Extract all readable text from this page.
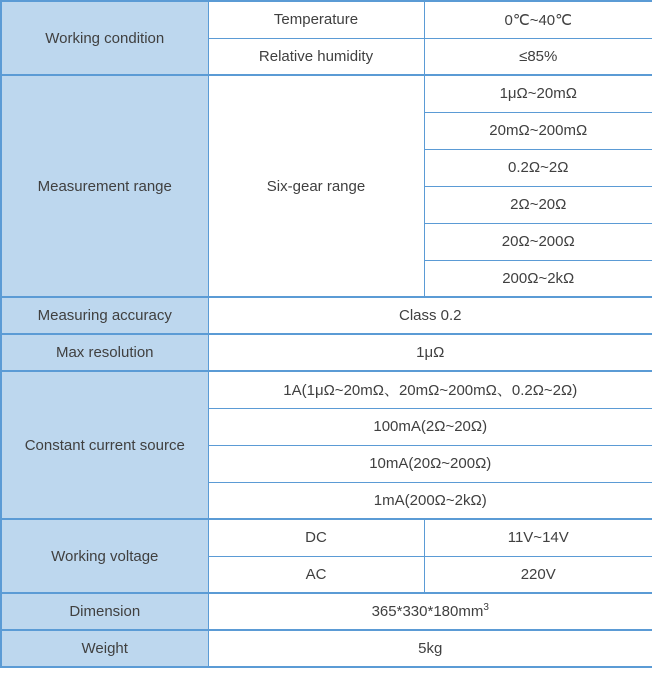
Working condition	Temperature	0℃~40℃
	Relative humidity	≤85%
Measurement range	Six-gear range	1μΩ~20mΩ
		20mΩ~200mΩ
		0.2Ω~2Ω
		2Ω~20Ω
		20Ω~200Ω
		200Ω~2kΩ
Measuring accuracy	Class 0.2	
Max resolution	1μΩ	
Constant current source	1A(1μΩ~20mΩ、20mΩ~200mΩ、0.2Ω~2Ω)	
	100mA(2Ω~20Ω)	
	10mA(20Ω~200Ω)	
	1mA(200Ω~2kΩ)	
Working voltage	DC	11V~14V
	AC	220V
Dimension	$365*330*180mm^3$
Weight	5kg	
